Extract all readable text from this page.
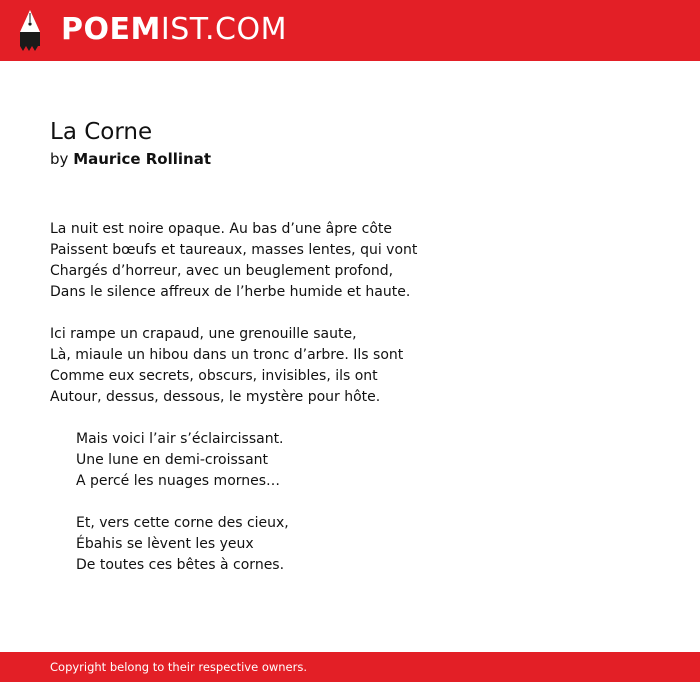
POEMIST.COM
La Corne
by Maurice Rollinat
La nuit est noire opaque. Au bas d’une âpre côte
Paissent bœufs et taureaux, masses lentes, qui vont
Chargés d’horreur, avec un beuglement profond,
Dans le silence affreux de l’herbe humide et haute.
Ici rampe un crapaud, une grenouille saute,
Là, miaule un hibou dans un tronc d’arbre. Ils sont
Comme eux secrets, obscurs, invisibles, ils ont
Autour, dessus, dessous, le mystère pour hôte.
Mais voici l’air s’éclaircissant.
Une lune en demi-croissant
A percé les nuages mornes…
Et, vers cette corne des cieux,
Ébahis se lèvent les yeux
De toutes ces bêtes à cornes.
Copyright belong to their respective owners.
